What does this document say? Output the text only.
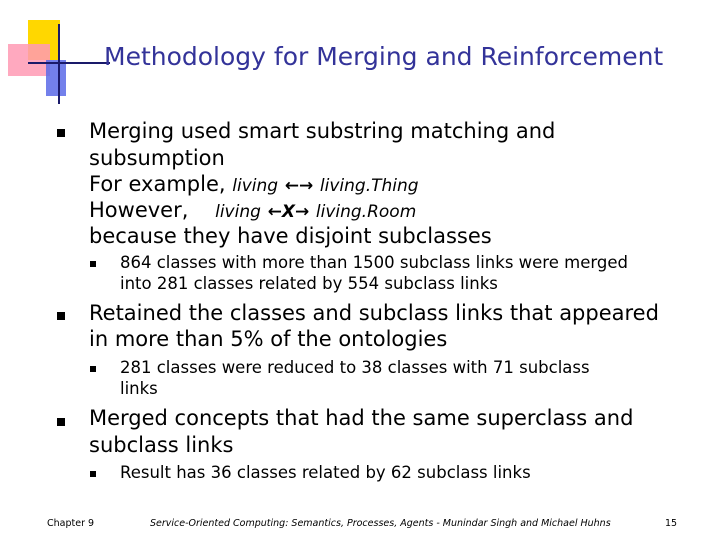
Methodology for Merging and Reinforcement
Merging used smart substring matching and
subsumption
For example, living ←→ living.Thing
However, living ←X→ living.Room
because they have disjoint subclasses
864 classes with more than 1500 subclass links were merged
into 281 classes related by 554 subclass links
Retained the classes and subclass links that appeared
in more than 5% of the ontologies
281 classes were reduced to 38 classes with 71 subclass
links
Merged concepts that had the same superclass and
subclass links
Result has 36 classes related by 62 subclass links
Chapter 9	Service-Oriented Computing: Semantics, Processes, Agents - Munindar Singh and Michael Huhns	15
